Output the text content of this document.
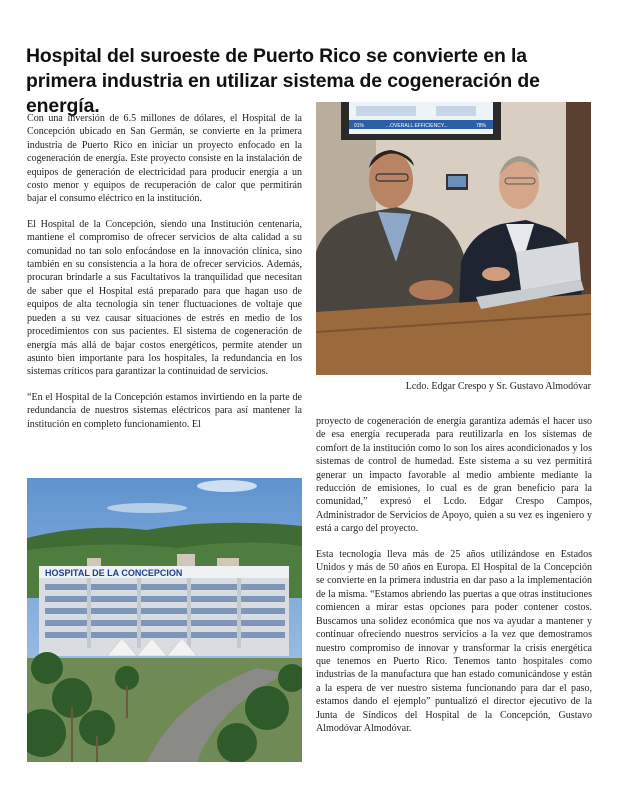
Hospital del suroeste de Puerto Rico se convierte en la
primera industria en utilizar sistema de cogeneración de energía.

Con una inversión de 6.5 millones de dólares, el Hospital de la Concepción ubicado en San Germán, se convierte en la primera industria de Puerto Rico en iniciar un proyecto enfocado en la cogeneración de energía. Este proyecto consiste en la instalación de equipos de generación de electricidad para producir energía a un costo menor y equipos de recuperación de calor que permitirán bajar el consumo eléctrico en la institución.

El Hospital de la Concepción, siendo una Institución centenaria, mantiene el compromiso de ofrecer servicios de alta calidad a su comunidad no tan solo enfocándose en la innovación clínica, sino también en su consistencia a la hora de ofrecer servicios. Además, procuran brindarle a sus Facultativos la tranquilidad que necesitan de saber que el Hospital está preparado para que hagan uso de equipos de alta tecnología sin tener fluctuaciones de voltaje que pueden a su vez causar situaciones de estrés en medio de los procedimientos con sus pacientes. El sistema de cogeneración de energía más allá de bajar costos energéticos, permite atender un asunto bien importante para los hospitales, la redundancia en los sistemas críticos para garantizar la continuidad de servicios.

“En el Hospital de la Concepción estamos invirtiendo en la parte de redundancia de nuestros sistemas eléctricos para así mantener la institución en completo funcionamiento. El

91%	...OVERALL EFFICIENCY...	78%
Lcdo. Edgar Crespo y Sr. Gustavo Almodóvar
HOSPITAL DE LA CONCEPCION

proyecto de cogeneración de energía garantiza además el hacer uso de esa energía recuperada para reutilizarla en los sistemas de comfort de la institución como lo son los aires acondicionados y los sistemas de control de humedad. Este sistema a su vez permitirá generar un impacto favorable al medio ambiente mediante la reducción de emisiones, lo cual es de gran beneficio para la comunidad,” expresó el Lcdo. Edgar Crespo Campos, Administrador de Servicios de Apoyo, quien a su vez es ingeniero y está a cargo del proyecto.

Esta tecnología lleva más de 25 años utilizándose en Estados Unidos y más de 50 años en Europa. El Hospital de la Concepción se convierte en la primera industria en dar paso a la implementación de la misma. “Estamos abriendo las puertas a que otras instituciones comiencen a mirar estas opciones para poder contener costos. Buscamos una solidez económica que nos va ayudar a mantener y continuar ofreciendo nuestros servicios a la vez que demostramos nuestro compromiso de innovar y transformar la crisis energética que tenemos en Puerto Rico. Tenemos tanto hospitales como industrias de la manufactura que han estado comunicándose y están a la espera de ver nuestro sistema funcionando para dar el paso, estamos dando el ejemplo” puntualizó el director ejecutivo de la Junta de Síndicos del Hospital de la Concepción, Gustavo Almodóvar Almodóvar.
